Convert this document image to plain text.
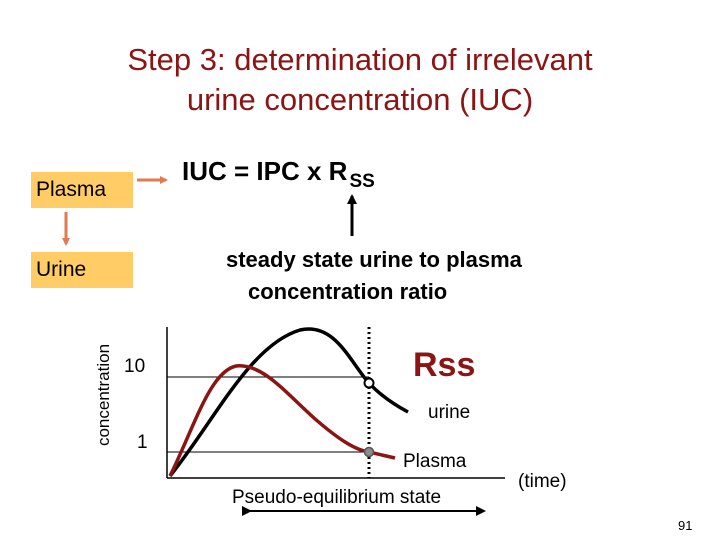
Step 3: determination of irrelevant
urine concentration (IUC)
Plasma
Urine
IUC = IPC x R $_{SS}$
steady state urine to plasma
concentration ratio
concentration 10
1
Rss
urine
Plasma
(time)
Pseudo-equilibrium state
91
